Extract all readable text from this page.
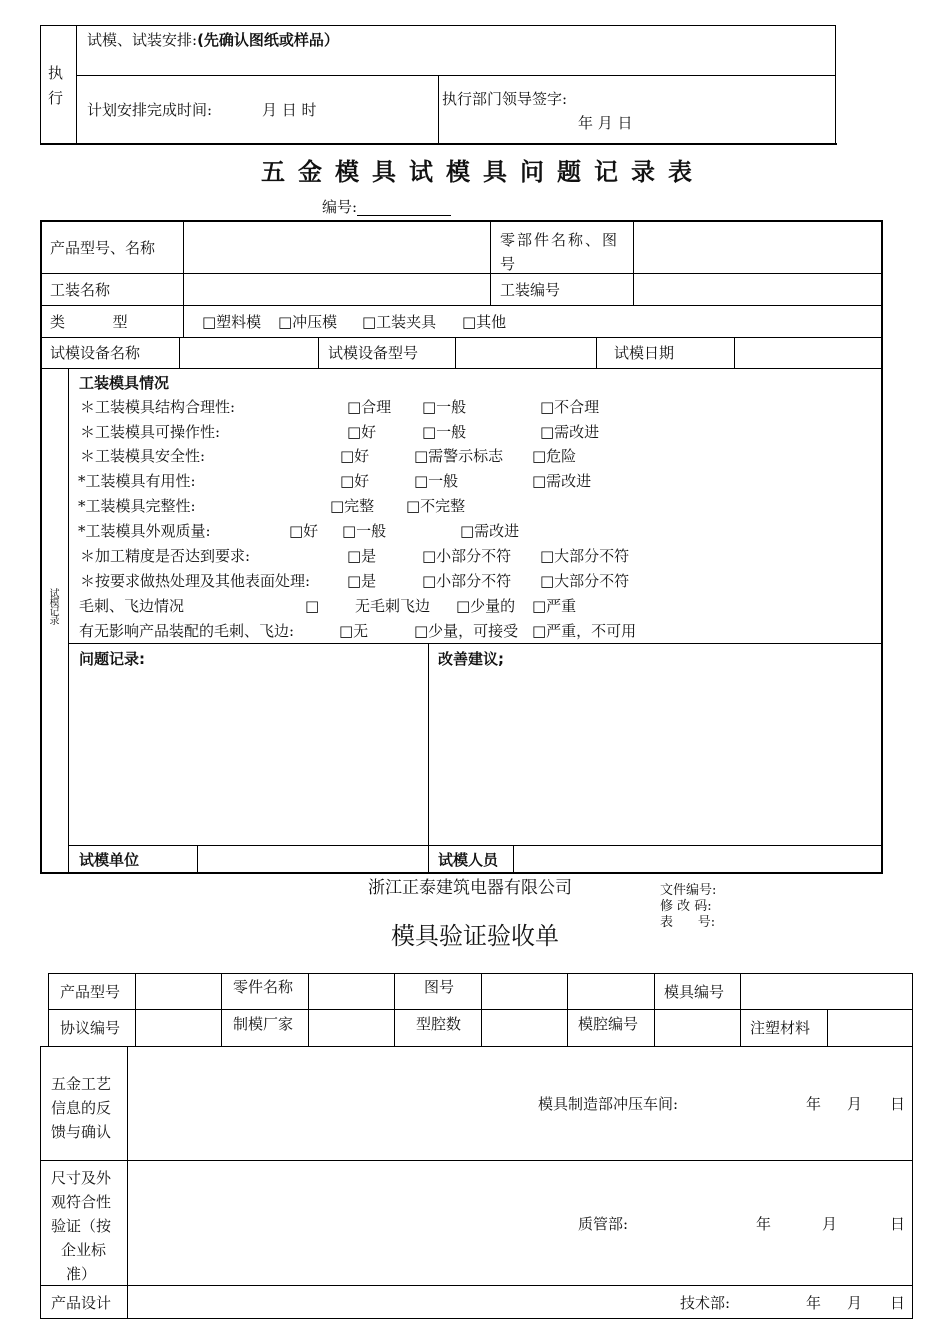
执
行
试模、试装安排:(先确认图纸或样品）
计划安排完成时间:	月 日 时
执行部门领导签字:
年 月 日
五金模具试模具问题记录表
编号:
产品型号、名称	零部件名称、图号
工装名称	工装编号
类          型	□塑料模 □冲压模 □工装夹具 □其他
试模设备名称	试模设备型号	试模日期
试模记录
工装模具情况
＊工装模具结构合理性:	□合理 □一般	□不合理
＊工装模具可操作性:	□好	□一般	□需改进
＊工装模具安全性:	□好	□需警示标志 □危险
*工装模具有用性:	□好	□一般	□需改进
*工装模具完整性:	□完整 □不完整
*工装模具外观质量:	□好 □一般	□需改进
＊加工精度是否达到要求:	□是	□小部分不符 □大部分不符
＊按要求做热处理及其他表面处理: □是	□小部分不符 □大部分不符
毛刺、飞边情况	□ 无毛刺飞边 □少量的 □严重
有无影响产品装配的毛刺、飞边:	□无	□少量，可接受 □严重，不可用
问题记录:	改善建议;
试模单位	试模人员
浙江正泰建筑电器有限公司	文件编号:
修 改 码:
表      号:
模具验证验收单
产品型号	零件名称	图号	模具编号
协议编号	制模厂家	型腔数	模腔编号	注塑材料
五金工艺
信息的反
馈与确认
模具制造部冲压车间:	年 月 日
尺寸及外
观符合性
验证（按
企业标
准）
质管部:	年	月	日
产品设计	技术部:	年 月 日
